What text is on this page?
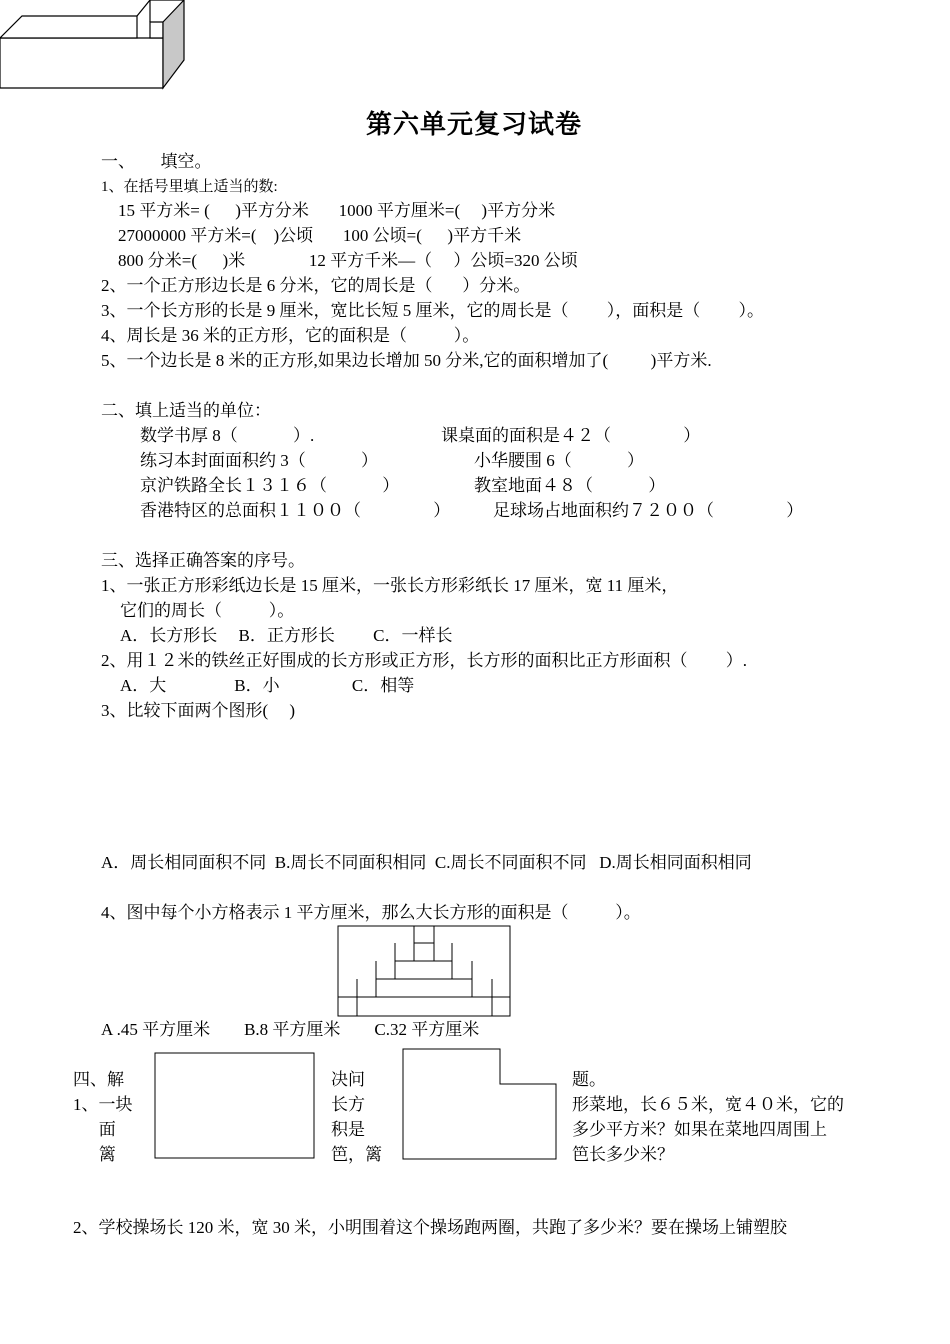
第六单元复习试卷
一、      填空。
1、在括号里填上适当的数:
15 平方米= (      )平方分米       1000 平方厘米=(     )平方分米
27000000 平方米=(    )公顷       100 公顷=(      )平方千米
800 分米=(      )米               12 平方千米—（     ）公顷=320 公顷
2、一个正方形边长是 6 分米，它的周长是（       ）分米。
3、一个长方形的长是 9 厘米，宽比长短 5 厘米，它的周长是（         ），面积是（         ）。
4、周长是 36 米的正方形，它的面积是（           ）。
5、一个边长是 8 米的正方形,如果边长增加 50 分米,它的面积增加了(          )平方米.
二、填上适当的单位：
数学书厚 8（             ）.	课桌面的面积是４２（                 ）
练习本封面面积约 3（             ）	小华腰围 6（             ）
京沪铁路全长１３１６（             ）	教室地面４８（             ）
香港特区的总面积１１００（                 ）	足球场占地面积约７２００（                 ）
三、选择正确答案的序号。
1、一张正方形彩纸边长是 15 厘米，一张长方形彩纸长 17 厘米，宽 11 厘米，
它们的周长（           ）。
A．长方形长     B．正方形长         C．一样长
2、用１２米的铁丝正好围成的长方形或正方形，长方形的面积比正方形面积（         ）.
A．大                B．小                 C．相等
3、比较下面两个图形(     )
A．周长相同面积不同  B.周长不同面积相同  C.周长不同面积不同   D.周长相同面积相同
4、图中每个小方格表示 1 平方厘米，那么大长方形的面积是（           ）。
A .45 平方厘米        B.8 平方厘米        C.32 平方厘米
四、解
1、一块
面
篱
决问
长方
积是
笆，篱
题。
形菜地，长６５米，宽４０米，它的
多少平方米？如果在菜地四周围上
笆长多少米？
2、学校操场长 120 米，宽 30 米，小明围着这个操场跑两圈，共跑了多少米？要在操场上铺塑胶
